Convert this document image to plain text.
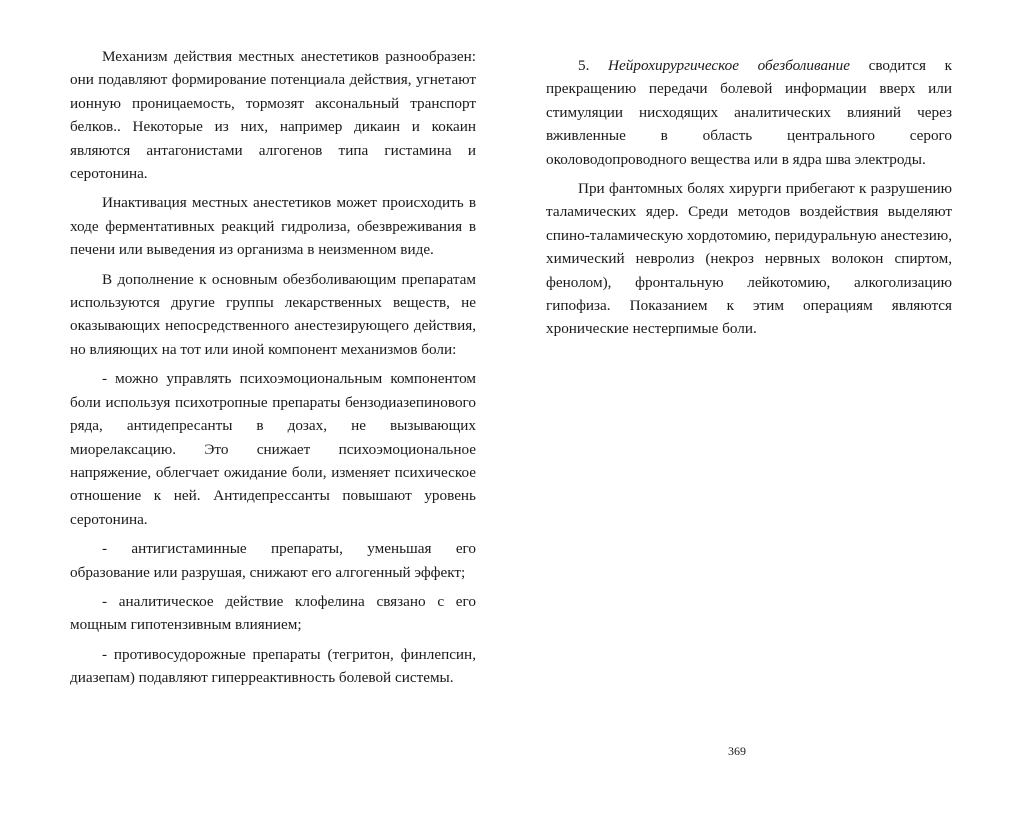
Механизм действия местных анестетиков разнообразен: они подавляют формирование потенциала действия, угнетают ионную проницаемость, тормозят аксональный транспорт белков.. Некоторые из них, например дикаин и кокаин являются антагонистами алгогенов типа гистамина и серотонина.

Инактивация местных анестетиков может происходить в ходе ферментативных реакций гидролиза, обезвреживания в печени или выведения из организма в неизменном виде.

В дополнение к основным обезболивающим препаратам используются другие группы лекарственных веществ, не оказывающих непосредственного анестезирующего действия, но влияющих на тот или иной компонент механизмов боли:

- можно управлять психоэмоциональным компонентом боли используя психотропные препараты бензодиазепинового ряда, антидепресанты в дозах, не вызывающих миорелаксацию. Это снижает психоэмоциональное напряжение, облегчает ожидание боли, изменяет психическое отношение к ней. Антидепрессанты повышают уровень серотонина.

- антигистаминные препараты, уменьшая его образование или разрушая, снижают его алгогенный эффект;

- аналитическое действие клофелина связано с его мощным гипотензивным влиянием;

- противосудорожные препараты (тегритон, финлепсин, диазепам) подавляют гиперреактивность болевой системы.

5. Нейрохирургическое обезболивание сводится к прекращению передачи болевой информации вверх или стимуляции нисходящих аналитических влияний через вживленные в область центрального серого околоводопроводного вещества или в ядра шва электроды.

При фантомных болях хирурги прибегают к разрушению таламических ядер. Среди методов воздействия выделяют спино-таламическую хордотомию, перидуральную анестезию, химический невролиз (некроз нервных волокон спиртом, фенолом), фронтальную лейкотомию, алкоголизацию гипофиза. Показанием к этим операциям являются хронические нестерпимые боли.

369
